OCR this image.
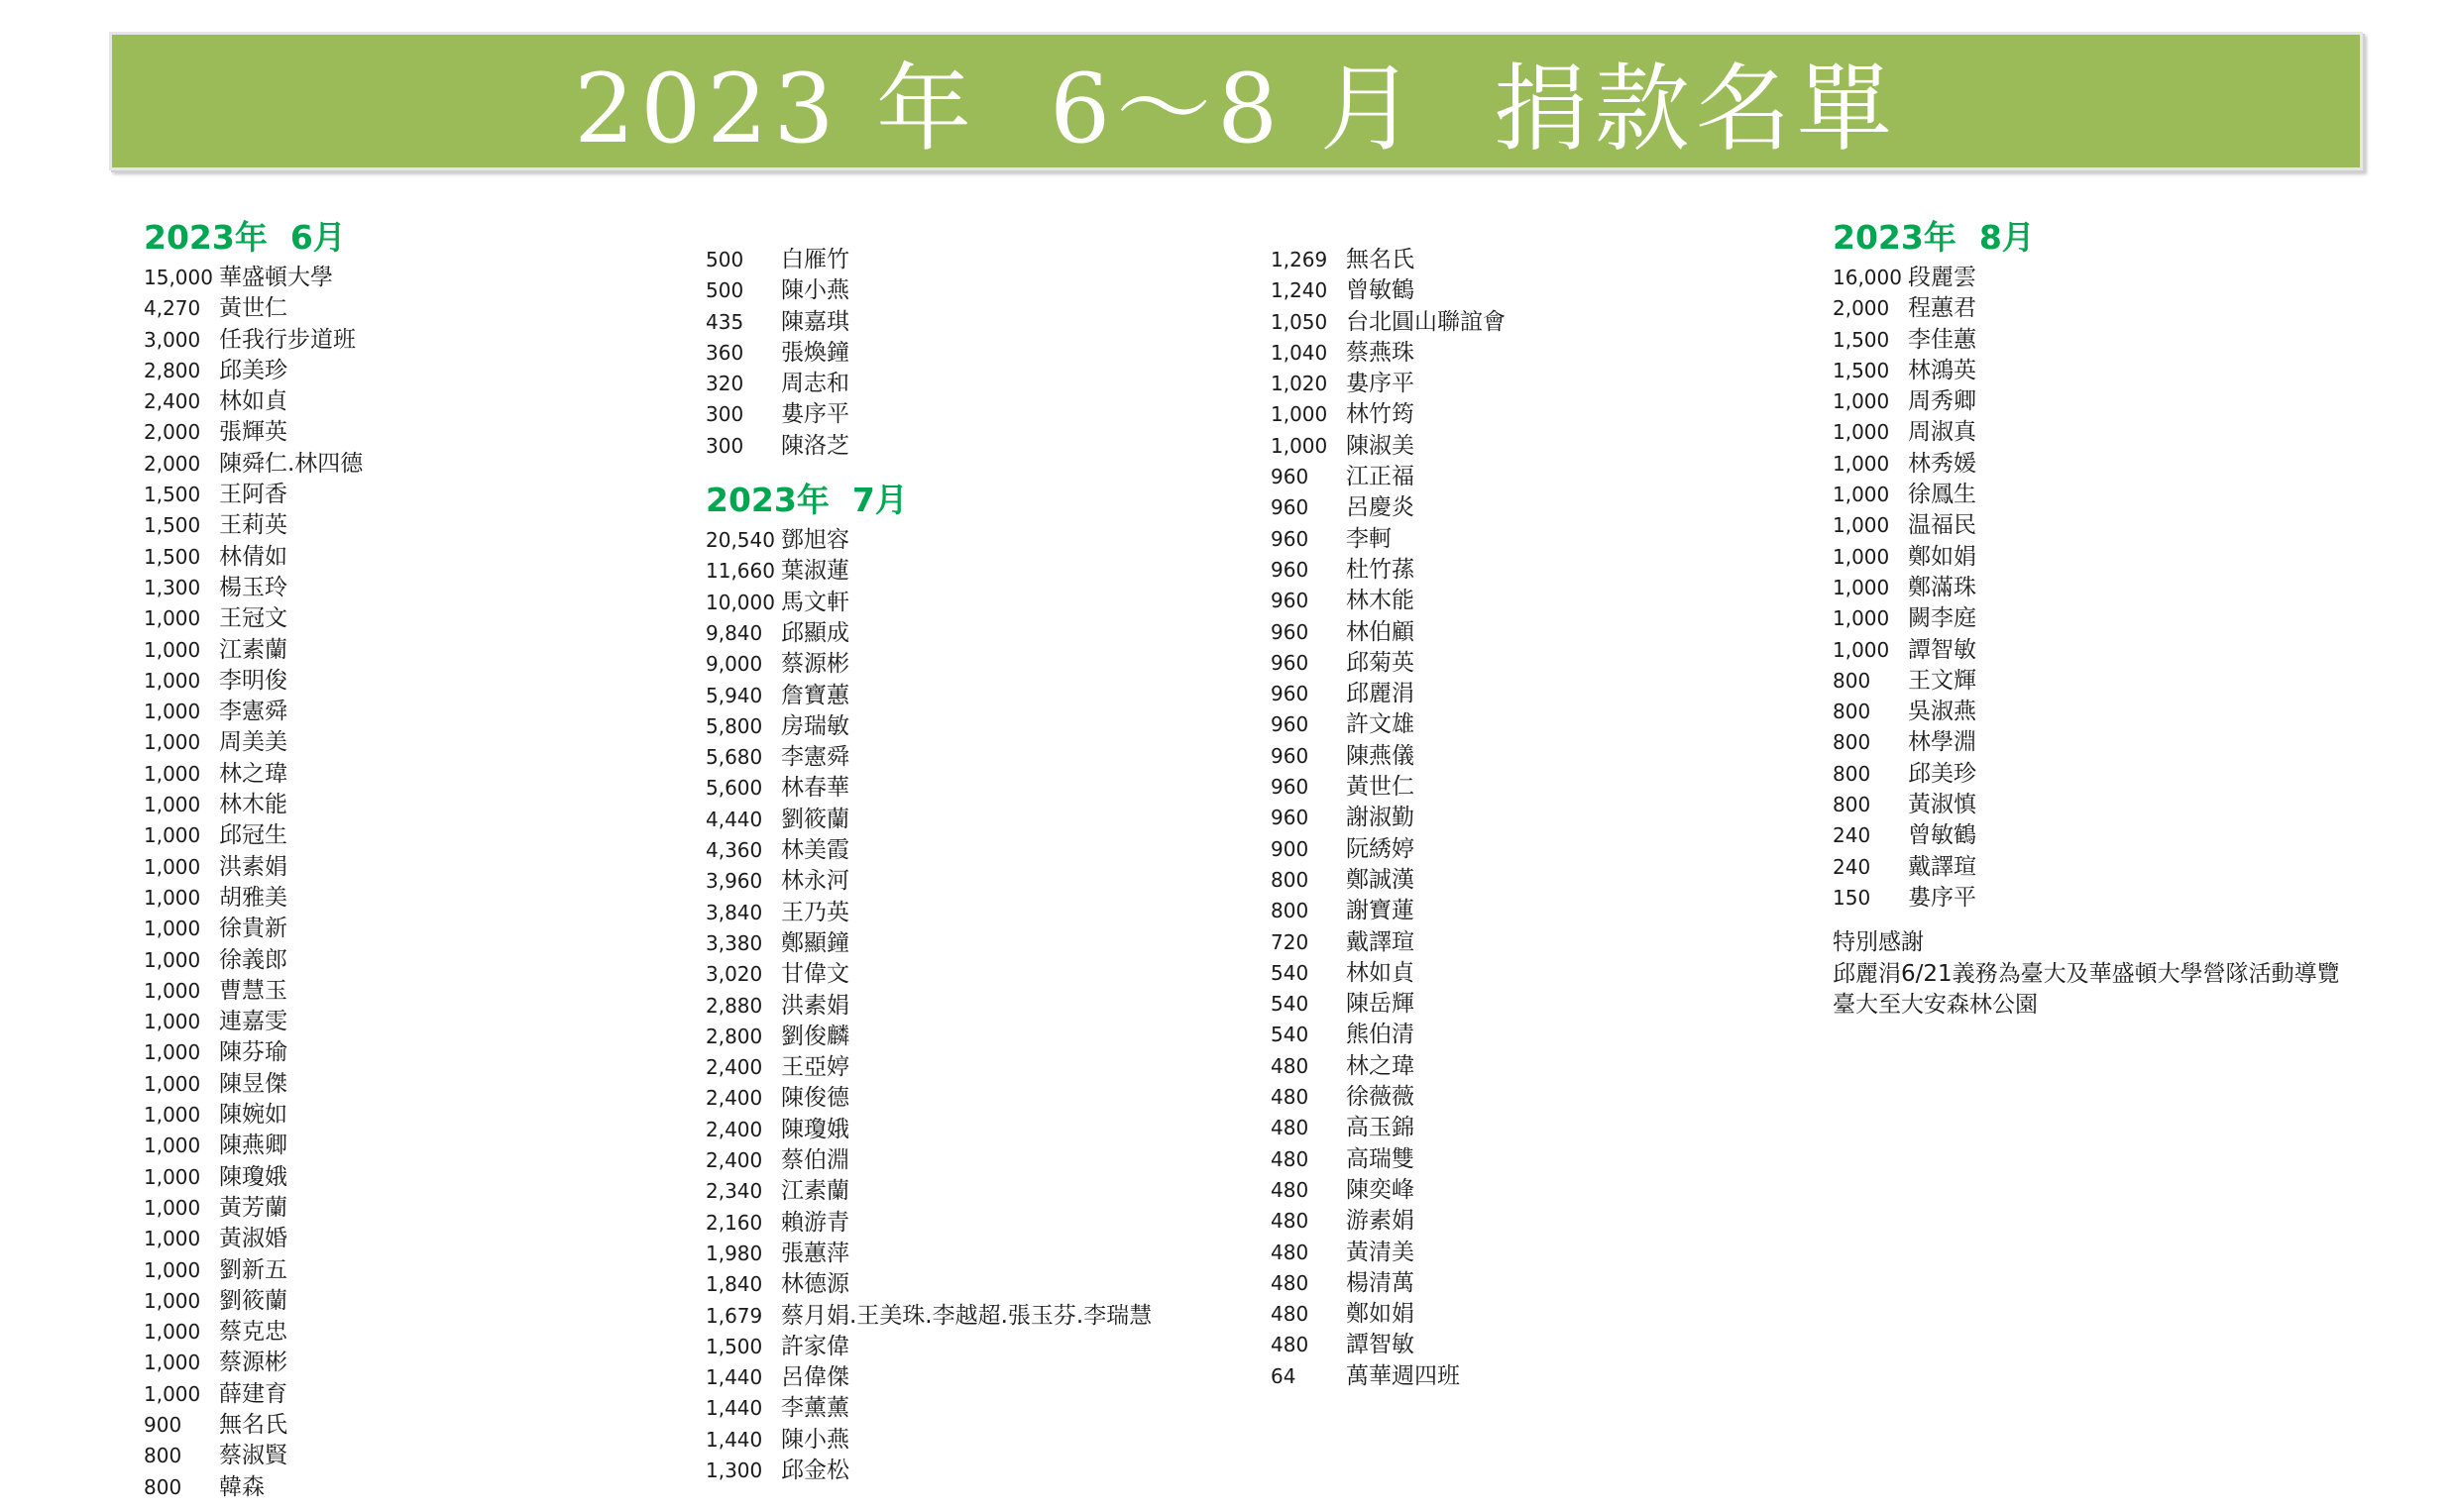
2023 年  6～8 月  捐款名單
2023年  6月
15,000 華盛頓大學
4,270 黃世仁
3,000 任我行步道班
2,800 邱美珍
2,400 林如貞
2,000 張輝英
2,000 陳舜仁.林四德
1,500 王阿香
1,500 王莉英
1,500 林倩如
1,300 楊玉玲
1,000 王冠文
1,000 江素蘭
1,000 李明俊
1,000 李憲舜
1,000 周美美
1,000 林之瑋
1,000 林木能
1,000 邱冠生
1,000 洪素娟
1,000 胡雅美
1,000 徐貴新
1,000 徐義郎
1,000 曹慧玉
1,000 連嘉雯
1,000 陳芬瑜
1,000 陳昱傑
1,000 陳婉如
1,000 陳燕卿
1,000 陳瓊娥
1,000 黃芳蘭
1,000 黃淑婚
1,000 劉新五
1,000 劉筱蘭
1,000 蔡克忠
1,000 蔡源彬
1,000 薛建育
900 無名氏
800 蔡淑賢
800 韓森
500 白雁竹
500 陳小燕
435 陳嘉琪
360 張煥鐘
320 周志和
300 婁序平
300 陳洛芝
2023年  7月
20,540 鄧旭容
11,660 葉淑蓮
10,000 馬文軒
9,840 邱顯成
9,000 蔡源彬
5,940 詹寶蕙
5,800 房瑞敏
5,680 李憲舜
5,600 林春華
4,440 劉筱蘭
4,360 林美霞
3,960 林永河
3,840 王乃英
3,380 鄭顯鐘
3,020 甘偉文
2,880 洪素娟
2,800 劉俊麟
2,400 王亞婷
2,400 陳俊德
2,400 陳瓊娥
2,400 蔡伯淵
2,340 江素蘭
2,160 賴游青
1,980 張蕙萍
1,840 林德源
1,679 蔡月娟.王美珠.李越超.張玉芬.李瑞慧
1,500 許家偉
1,440 呂偉傑
1,440 李薰薰
1,440 陳小燕
1,300 邱金松
1,269 無名氏
1,240 曾敏鶴
1,050 台北圓山聯誼會
1,040 蔡燕珠
1,020 婁序平
1,000 林竹筠
1,000 陳淑美
960 江正福
960 呂慶炎
960 李軻
960 杜竹蓀
960 林木能
960 林伯顧
960 邱菊英
960 邱麗涓
960 許文雄
960 陳燕儀
960 黃世仁
960 謝淑勤
900 阮綉婷
800 鄭誠漢
800 謝寶蓮
720 戴譯瑄
540 林如貞
540 陳岳輝
540 熊伯清
480 林之瑋
480 徐薇薇
480 高玉錦
480 高瑞雙
480 陳奕峰
480 游素娟
480 黃清美
480 楊清萬
480 鄭如娟
480 譚智敏
64 萬華週四班
2023年  8月
16,000 段麗雲
2,000 程蕙君
1,500 李佳蕙
1,500 林鴻英
1,000 周秀卿
1,000 周淑真
1,000 林秀媛
1,000 徐鳳生
1,000 温福民
1,000 鄭如娟
1,000 鄭滿珠
1,000 闕李庭
1,000 譚智敏
800 王文輝
800 吳淑燕
800 林學淵
800 邱美珍
800 黃淑慎
240 曾敏鶴
240 戴譯瑄
150 婁序平
特別感謝
邱麗涓6/21義務為臺大及華盛頓大學營隊活動導覽
臺大至大安森林公園
